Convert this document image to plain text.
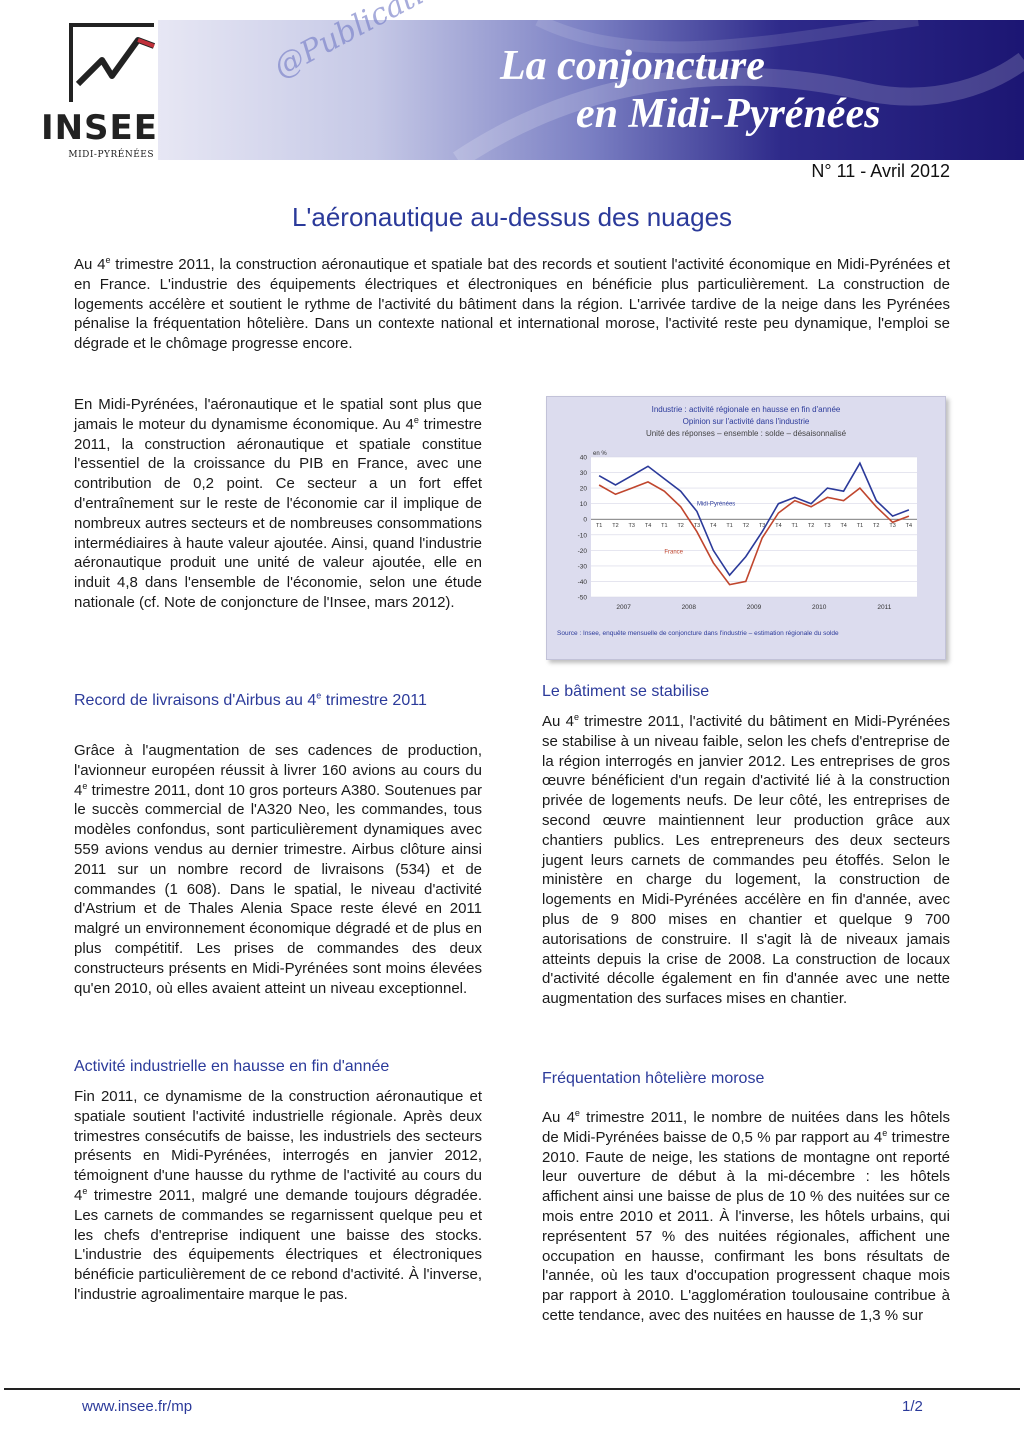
INSEE
MIDI-PYRÉNÉES
La conjoncture
en Midi-Pyrénées
N° 11 - Avril 2012
L'aéronautique au-dessus des nuages
Au 4e trimestre 2011, la construction aéronautique et spatiale bat des records et soutient l'activité économique en Midi-Pyrénées et en France. L'industrie des équipements électriques et électroniques en bénéficie plus particulièrement. La construction de logements accélère et soutient le rythme de l'activité du bâtiment dans la région. L'arrivée tardive de la neige dans les Pyrénées pénalise la fréquentation hôtelière. Dans un contexte national et international morose, l'activité reste peu dynamique, l'emploi se dégrade et le chômage progresse encore.
En Midi-Pyrénées, l'aéronautique et le spatial sont plus que jamais le moteur du dynamisme économique. Au 4e trimestre 2011, la construction aéronautique et spatiale constitue l'essentiel de la croissance du PIB en France, avec une contribution de 0,2 point. Ce secteur a un fort effet d'entraînement sur le reste de l'économie car il implique de nombreux autres secteurs et de nombreuses consommations intermédiaires à haute valeur ajoutée. Ainsi, quand l'industrie aéronautique produit une unité de valeur ajoutée, elle en induit 4,8 dans l'ensemble de l'économie, selon une étude nationale (cf. Note de conjoncture de l'Insee, mars 2012).
Record de livraisons d'Airbus au 4e trimestre 2011
Grâce à l'augmentation de ses cadences de production, l'avionneur européen réussit à livrer 160 avions au cours du 4e trimestre 2011, dont 10 gros porteurs A380. Soutenues par le succès commercial de l'A320 Neo, les commandes, tous modèles confondus, sont particulièrement dynamiques avec 559 avions vendus au dernier trimestre. Airbus clôture ainsi 2011 sur un nombre record de livraisons (534) et de commandes (1 608). Dans le spatial, le niveau d'activité d'Astrium et de Thales Alenia Space reste élevé en 2011 malgré un environnement économique dégradé et de plus en plus compétitif. Les prises de commandes des deux constructeurs présents en Midi-Pyrénées sont moins élevées qu'en 2010, où elles avaient atteint un niveau exceptionnel.
Activité industrielle en hausse en fin d'année
Fin 2011, ce dynamisme de la construction aéronautique et spatiale soutient l'activité industrielle régionale. Après deux trimestres consécutifs de baisse, les industriels des secteurs présents en Midi-Pyrénées, interrogés en janvier 2012, témoignent d'une hausse du rythme de l'activité au cours du 4e trimestre 2011, malgré une demande toujours dégradée. Les carnets de commandes se regarnissent quelque peu et les chefs d'entreprise indiquent une baisse des stocks. L'industrie des équipements électriques et électroniques bénéficie particulièrement de ce rebond d'activité. À l'inverse, l'industrie agroalimentaire marque le pas.
Industrie : activité régionale en hausse en fin d'année
Opinion sur l'activité dans l'industrie
Unité des réponses – ensemble : solde – désaisonnalisé
40
30
20
10
0
-10
-20
-30
-40
-50
en %
T1 T2 T3 T4 T1 T2 T3 T4 T1 T2 T3 T4 T1 T2 T3 T4 T1 T2 T3 T4
2007	2008	2009	2010	2011
Midi-Pyrénées
France
Source : Insee, enquête mensuelle de conjoncture dans l'industrie – estimation régionale du solde
Le bâtiment se stabilise
Au 4e trimestre 2011, l'activité du bâtiment en Midi-Pyrénées se stabilise à un niveau faible, selon les chefs d'entreprise de la région interrogés en janvier 2012. Les entreprises de gros œuvre bénéficient d'un regain d'activité lié à la construction privée de logements neufs. De leur côté, les entreprises de second œuvre maintiennent leur production grâce aux chantiers publics. Les entrepreneurs des deux secteurs jugent leurs carnets de commandes peu étoffés. Selon le ministère en charge du logement, la construction de logements en Midi-Pyrénées accélère en fin d'année, avec plus de 9 800 mises en chantier et quelque 9 700 autorisations de construire. Il s'agit là de niveaux jamais atteints depuis la crise de 2008. La construction de locaux d'activité décolle également en fin d'année avec une nette augmentation des surfaces mises en chantier.
Fréquentation hôtelière morose
Au 4e trimestre 2011, le nombre de nuitées dans les hôtels de Midi-Pyrénées baisse de 0,5 % par rapport au 4e trimestre 2010. Faute de neige, les stations de montagne ont reporté leur ouverture de début à la mi-décembre : les hôtels affichent ainsi une baisse de plus de 10 % des nuitées sur ce mois entre 2010 et 2011. À l'inverse, les hôtels urbains, qui représentent 57 % des nuitées régionales, affichent une occupation en hausse, confirmant les bons résultats de l'année, où les taux d'occupation progressent chaque mois par rapport à 2010. L'agglomération toulousaine contribue à cette tendance, avec des nuitées en hausse de 1,3 % sur
www.insee.fr/mp	1/2
